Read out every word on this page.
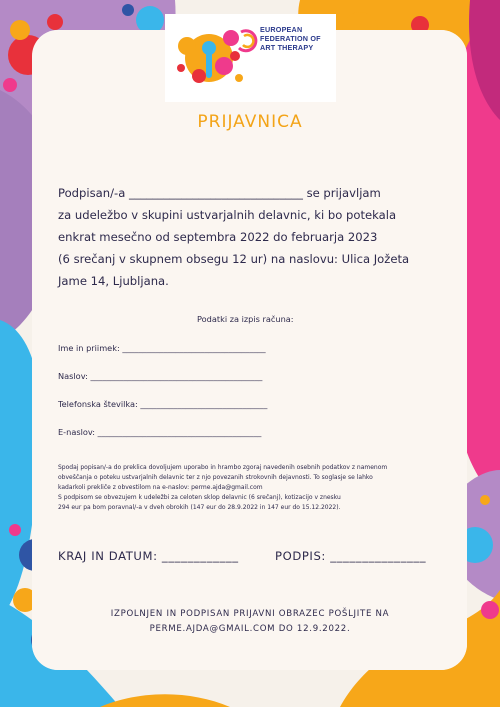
EUROPEAN
FEDERATION OF
ART THERAPY
PRIJAVNICA
Podpisan/-a ______________________________ se prijavljam
za udeležbo v skupini ustvarjalnih delavnic, ki bo potekala
enkrat mesečno od septembra 2022 do februarja 2023
(6 srečanj v skupnem obsegu 12 ur) na naslovu: Ulica Jožeta
Jame 14, Ljubljana.
Podatki za izpis računa:
Ime in priimek: ___________________________________
Naslov: __________________________________________
Telefonska številka: _______________________________
E-naslov: ________________________________________
Spodaj popisan/-a do preklica dovoljujem uporabo in hrambo zgoraj navedenih osebnih podatkov z namenom
obveščanja o poteku ustvarjalnih delavnic ter z njo povezanih strokovnih dejavnosti. To soglasje se lahko
kadarkoli prekliče z obvestilom na e-naslov: perme.ajda@gmail.com
S podpisom se obvezujem k udeležbi za celoten sklop delavnic (6 srečanj), kotizacijo v znesku
294 eur pa bom poravnal/-a v dveh obrokih (147 eur do 28.9.2022 in 147 eur do 15.12.2022).
KRAJ IN DATUM: ____________	PODPIS: _______________
IZPOLNJEN IN PODPISAN PRIJAVNI OBRAZEC POŠLJITE NA
PERME.AJDA@GMAIL.COM DO 12.9.2022.
